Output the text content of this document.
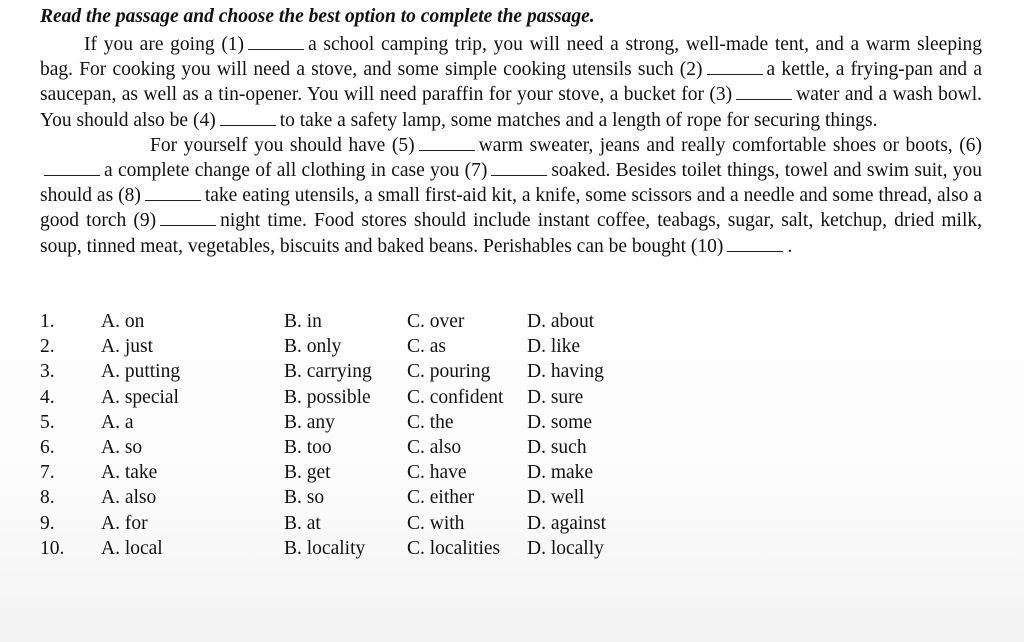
Read the passage and choose the best option to complete the passage.

If you are going (1)	a school camping trip, you will need a strong, well-made tent, and a warm sleeping bag. For cooking you will need a stove, and some simple cooking utensils such (2)	a kettle, a frying-pan and a saucepan, as well as a tin-opener. You will need paraffin for your stove, a bucket for (3)	water and a wash bowl. You should also be (4)	to take a safety lamp, some matches and a length of rope for securing things.

For yourself you should have (5)	warm sweater, jeans and really comfortable shoes or boots, (6)a complete change of all clothing in case you (7)	soaked. Besides toilet things, towel and swim suit, you should as (8)	take eating utensils, a small first-aid kit, a knife, some scissors and a needle and some thread, also a good torch (9)	night time. Food stores should include instant coffee, teabags, sugar, salt, ketchup, dried milk, soup, tinned meat, vegetables, biscuits and baked beans. Perishables can be bought (10)	.

1. A. on	B. in	C. over	D. about
2. A. just	B. only	C. as	D. like
3. A. putting	B. carrying C. pouring D. having
4. A. special	B. possible C. confident D. sure
5. A. a	B. any	C. the	D. some
6. A. so	B. too	C. also	D. such
7. A. take	B. get	C. have	D. make
8. A. also	B. so	C. either	D. well
9. A. for	B. at	C. with	D. against
10. A. local	B. locality C. localities D. locally
